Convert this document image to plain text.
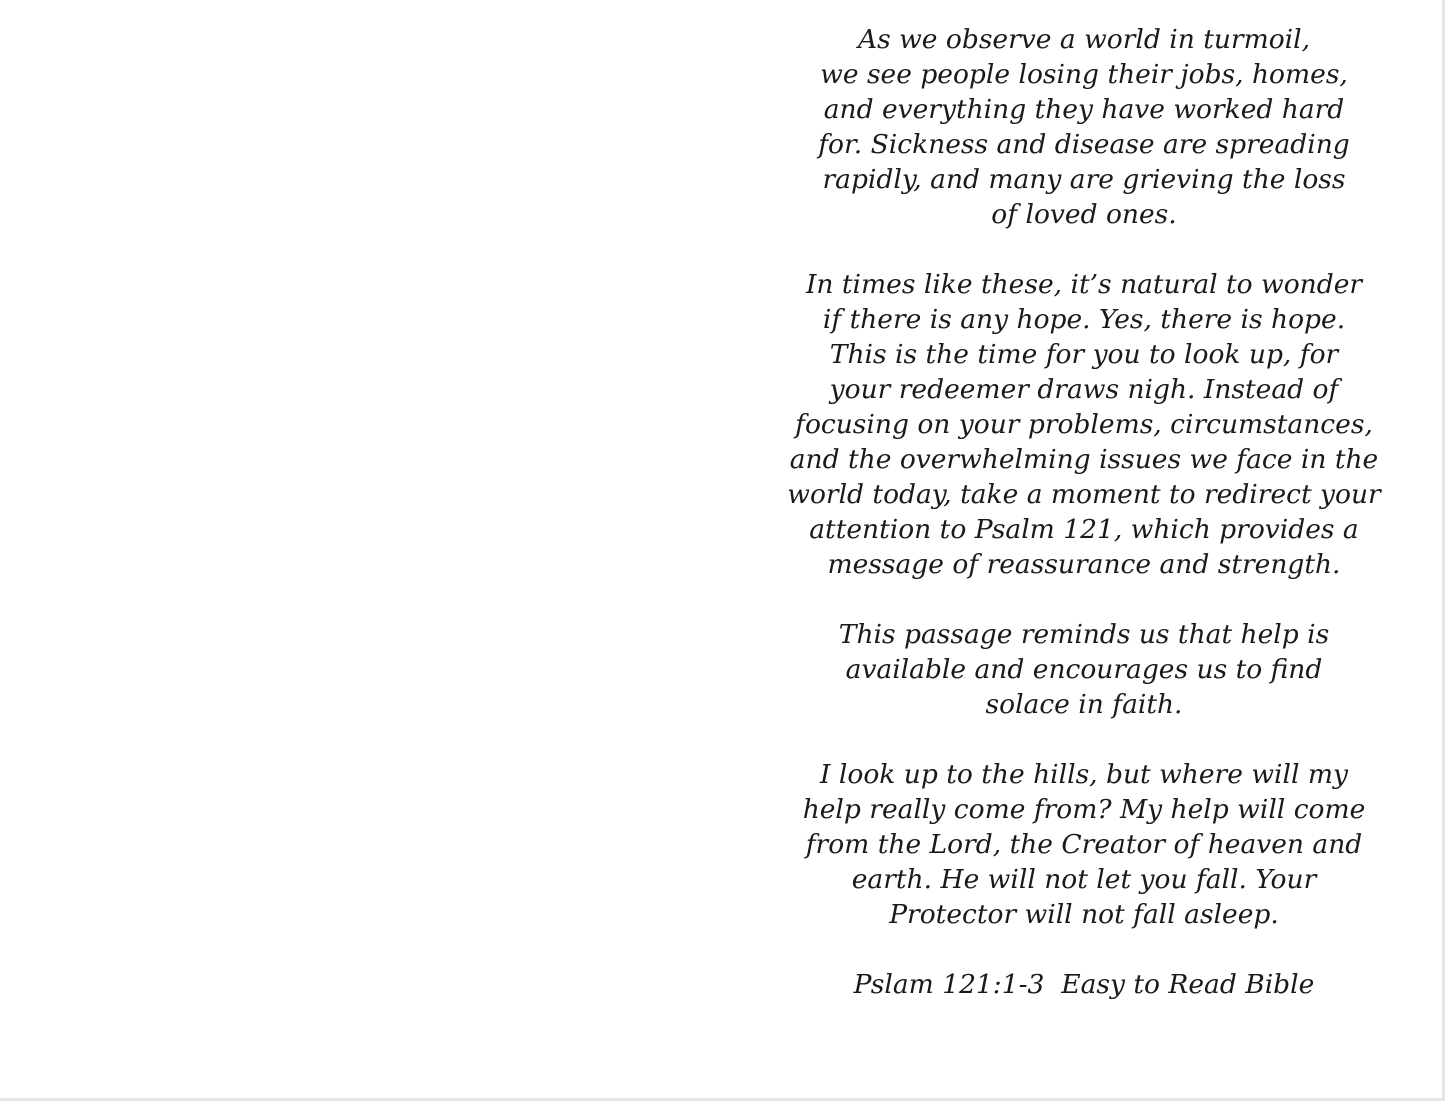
As we observe a world in turmoil,
we see people losing their jobs, homes,
and everything they have worked hard
for. Sickness and disease are spreading
rapidly, and many are grieving the loss
of loved ones.

In times like these, it’s natural to wonder
if there is any hope. Yes, there is hope.
This is the time for you to look up, for
your redeemer draws nigh. Instead of
focusing on your problems, circumstances,
and the overwhelming issues we face in the
world today, take a moment to redirect your
attention to Psalm 121, which provides a
message of reassurance and strength.

This passage reminds us that help is
available and encourages us to find
solace in faith.

I look up to the hills, but where will my
help really come from? My help will come
from the Lord, the Creator of heaven and
earth. He will not let you fall. Your
Protector will not fall asleep.

Pslam 121:1-3  Easy to Read Bible
